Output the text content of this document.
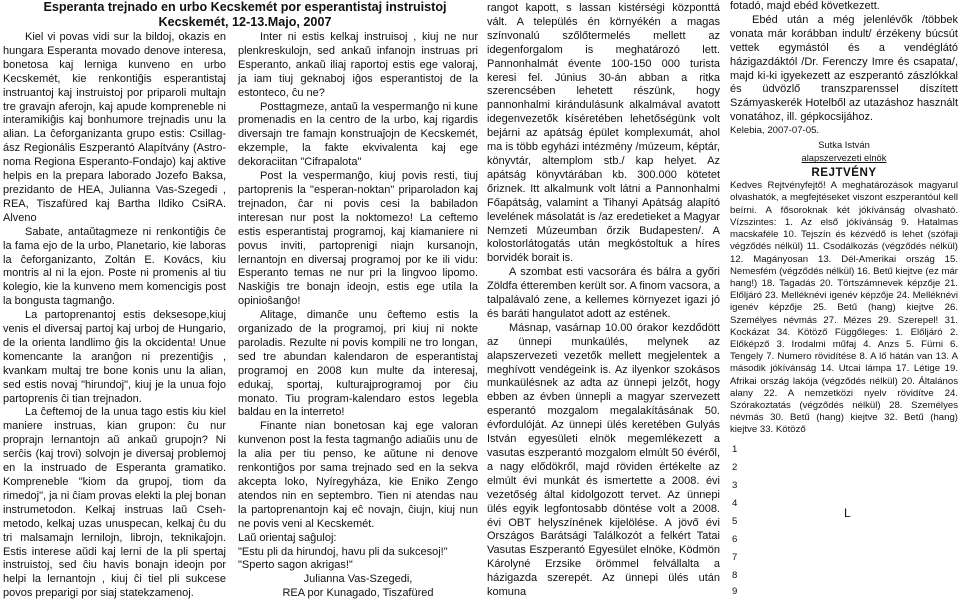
Esperanta trejnado en urbo Kecskemét por esperantistaj instruistoj
Kecskemét, 12-13.Majo, 2007

Kiel vi povas vidi sur la bildoj, okazis en hungara Esperanta movado denove interesa, bonetosa kaj lerniga kunveno en urbo Kecskemét, kie renkontiĝis esperantistaj instruantoj kaj instruistoj por priparoli multajn tre gravajn aferojn, kaj apude kompreneble ni interamikiĝis kaj bonhumore trejnadis unu la alian. La ĉeforganizanta grupo estis: Csillag-ász Regionális Eszperantó Alapítvány (Astro-noma Regiona Esperanto-Fondajo) kaj aktive helpis en la prepara laborado Jozefo Baksa, prezidanto de HEA, Julianna Vas-Szegedi , REA, Tiszafüred kaj Bartha Ildiko CsiRA. Alveno

Sabate, antaŭtagmeze ni renkontiĝis ĉe la fama ejo de la urbo, Planetario, kie laboras la ĉeforganizanto, Zoltán E. Kovács, kiu montris al ni la ejon. Poste ni promenis al tiu kolegio, kie la kunveno mem komencigis post la bongusta tagmanĝo.

La partoprenantoj estis deksesope,kiuj venis el diversaj partoj kaj urboj de Hungario, de la orienta landlimo ĝis la okcidenta! Unue komencante la aranĝon ni prezentiĝis , kvankam multaj tre bone konis unu la alian, sed estis novaj "hirundoj", kiuj je la unua fojo partoprenis ĉi tian trejnadon.

La ĉeftemoj de la unua tago estis kiu kiel maniere instruas, kian grupon: ĉu nur proprajn lernantojn aŭ ankaŭ grupojn? Ni serĉis (kaj trovi) solvojn je diversaj problemoj en la instruado de Esperanta gramatiko. Kompreneble "kiom da grupoj, tiom da rimedoj", ja ni ĉiam provas elekti la plej bonan instrumetodon. Kelkaj instruas laŭ Cseh-metodo, kelkaj uzas unuspecan, kelkaj ĉu du tri malsamajn lernilojn, librojn, teknikaĵojn. Estis interese aŭdi kaj lerni de la pli spertaj instruistoj, sed ĉiu havis bonajn ideojn por helpi la lernantojn , kiuj ĉi tiel pli sukcese povos preparigi por siaj statekzamenoj.

Inter ni estis kelkaj instruisoj , kiuj ne nur plenkreskulojn, sed ankaŭ infanojn instruas pri Esperanto, ankaŭ iliaj raportoj estis ege valoraj, ja iam tiuj geknaboj iĝos esperantistoj de la estonteco, ĉu ne?

Posttagmeze, antaŭ la vespermanĝo ni kune promenadis en la centro de la urbo, kaj rigardis diversajn tre famajn konstruaĵojn de Kecskemét, ekzemple, la fakte ekvivalenta kaj ege dekoraciitan "Cifrapalota"

Post la vespermanĝo, kiuj povis resti, tiuj partoprenis la "esperan-noktan" priparoladon kaj trejnadon, ĉar ni povis cesi la babiladon interesan nur post la noktomezo! La ceftemo estis esperantistaj programoj, kaj kiamaniere ni povus inviti, partoprenigi niajn kursanojn, lernantojn en diversaj programoj por ke ili vidu: Esperanto temas ne nur pri la lingvoo lipomo. Naskiĝis tre bonajn ideojn, estis ege utila la opinioŝanĝo!

Alitage, dimanĉe unu ĉeftemo estis la organizado de la programoj, pri kiuj ni nokte paroladis. Rezulte ni povis kompili ne tro longan, sed tre abundan kalendaron de esperantistaj programoj en 2008 kun multe da interesaj, edukaj, sportaj, kulturajprogramoj por ĉiu monato. Tiu program-kalendaro estos legebla baldau en la interreto!

Finante nian bonetosan kaj ege valoran kunvenon post la festa tagmanĝo adiaŭis unu de la alia per tiu penso, ke aŭtune ni denove renkontiĝos por sama trejnado sed en la sekva akcepta loko, Nyíregyháza, kie Eniko Zengo atendos nin en septembro. Tien ni atendas nau la partoprenantojn kaj eĉ novajn, ĉiujn, kiuj nun ne povis veni al Kecskemét.

Laŭ orientaj saĝuloj:

"Estu pli da hirundoj, havu pli da sukcesoj!"

"Sperto sagon akrigas!"

Julianna Vas-Szegedi,

REA por Kunagado, Tiszafüred

rangot kapott, s lassan kistérségi központtá vált. A település én környékén a magas színvonalú szőlőtermelés mellett az idegenforgalom is meghatározó lett. Pannonhalmát évente 100-150 000 turista keresi fel. Június 30-án abban a ritka szerencsében lehetett részünk, hogy pannonhalmi kirándulásunk alkalmával avatott idegenvezetők kíséretében lehetőségünk volt bejárni az apátság épület komplexumát, ahol ma is több egyházi intézmény /múzeum, képtár, könyvtár, altemplom stb./ kap helyet. Az apátság könyvtárában kb. 300.000 kötetet őriznek. Itt alkalmunk volt látni a Pannonhalmi Főapátság, valamint a Tihanyi Apátság alapító levelének másolatát is /az eredetieket a Magyar Nemzeti Múzeumban őrzik Budapesten/. A kolostorlátogatás után megkóstoltuk a híres borvidék borait is.

A szombat esti vacsorára és bálra a győri Zöldfa étteremben került sor. A finom vacsora, a talpalávaló zene, a kellemes környezet igazi jó és baráti hangulatot adott az estének.

Másnap, vasárnap 10.00 órakor kezdődött az ünnepi munkaülés, melynek az alapszervezeti vezetők mellett megjelentek a meghívott vendégeink is. Az ilyenkor szokásos munkaülésnek az adta az ünnepi jelzőt, hogy ebben az évben ünnepli a magyar szervezett esperantó mozgalom megalakításának 50. évfordulóját. Az ünnepi ülés keretében Gulyás István egyesületi elnök megemlékezett a vasutas eszperantó mozgalom elmúlt 50 évéről, a nagy elődökről, majd röviden értékelte az elmúlt évi munkát és ismertette a 2008. évi vezetőség által kidolgozott tervet. Az ünnepi ülés egyik legfontosabb döntése volt a 2008. évi OBT helyszínének kijelölése. A jövő évi Országos Barátsági Találkozót a felkért Tatai Vasutas Eszperantó Egyesület elnöke, Ködmön Károlyné Erzsike örömmel felvállalta a házigazda szerepét. Az ünnepi ülés után komuna

fotadó, majd ebéd következett.

Ebéd után a még jelenlévők /többek vonata már korábban indult/ érzékeny búcsút vettek egymástól és a vendéglátó házigazdáktól /Dr. Ferenczy Imre és csapata/, majd ki-ki igyekezett az eszperantó zászlókkal és üdvözlő transzparenssel díszített Számyaskerék Hotelből az utazáshoz használt vonatához, ill. gépkocsijához.

Kelebia, 2007-07-05.

Sutka István

alapszervezeti elnök

REJTVÉNY

Kedves Rejtvényfejtő! A meghatározások magyarul olvashatók, a megfejtéseket viszont eszperantóul kell beírni. A fősoroknak két jókívánság olvasható. Vízszintes: 1. Az első jókívánság 9. Hatalmas macskaféle 10. Tejszín és kézvédő is lehet (szófaji végződés nélkül) 11. Csodálkozás (végződés nélkül) 12. Magányosan 13. Dél-Amerikai ország 15. Nemesfém (végződés nélkül) 16. Betű kiejtve (ez már hang!) 18. Tagadás 20. Törtszámnevek képzője 21. Előljáró 23. Melléknévi igenév képzője 24. Melléknévi igenév képzője 25. Betű (hang) kiejtve 26. Személyes névmás 27. Mézes 29. Szerepel! 31. Kockázat 34. Kötöző Függőleges: 1. Előljáró 2. Előképző 3. Irodalmi műfaj 4. Anzs 5. Fürni 6. Tengely 7. Numero rövidítése 8. A lő hátán van 13. A második jókívánság 14. Utcai lámpa 17. Létige 19. Afrikai ország lakója (végződés nélkül) 20. Általános alany 22. A nemzetközi nyelv rövidítve 24. Szórakoztatás (végződés nélkül) 28. Személyes névmás 30. Betű (hang) kiejtve 32. Betű (hang) kiejtve 33. Kötöző

1
2
3
4
5
6
7
8
9
L
